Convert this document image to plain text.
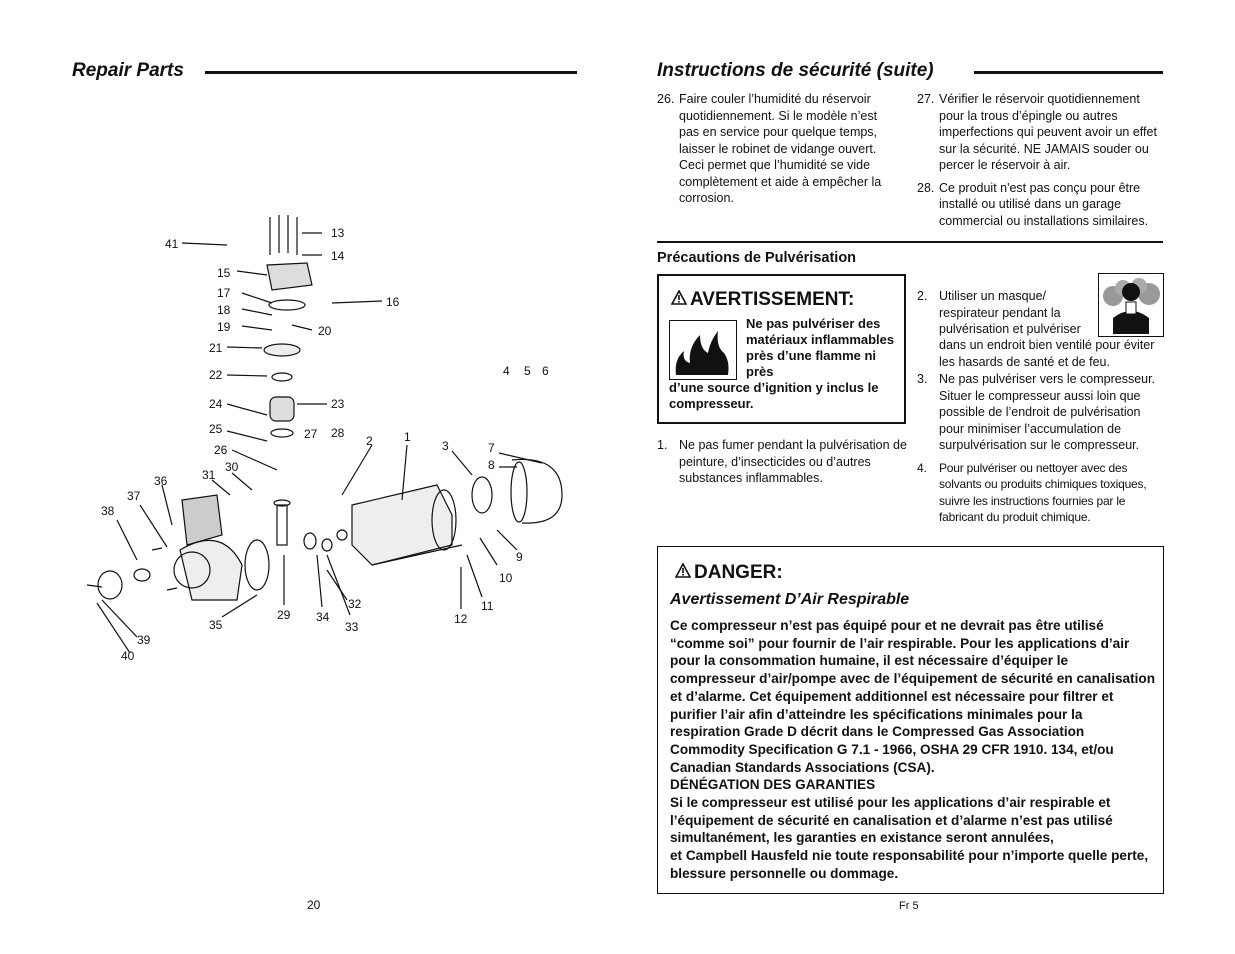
Repair Parts
41
13
14
15
16
17
18
19	20
21
22
23
24
25
26
27 28
30
31
36
37
38
2	1
3
4 5 6
7
8
9
10
11
12
29 34
33
32
35
39
40
20
Instructions de sécurité (suite)
26. Faire couler l’humidité du réservoir quotidiennement. Si le modèle n’est pas en service pour quelque temps, laisser le robinet de vidange ouvert. Ceci permet que l’humidité se vide complètement et aide à empêcher la corrosion.
27. Vérifier le réservoir quotidiennement pour la trous d’épingle ou autres imperfections qui peuvent avoir un effet sur la sécurité. NE JAMAIS souder ou percer le réservoir à air.
28. Ce produit n'est pas conçu pour être installé ou utilisé dans un garage commercial ou installations similaires.
Précautions de Pulvérisation
AVERTISSEMENT:
Ne pas pulvériser des matériaux inflammables près d’une flamme ni près
d’une source d’ignition y inclus le compresseur.
1. Ne pas fumer pendant la pulvérisation de peinture, d’insecticides ou d’autres substances inflammables.
2. Utiliser un masque/ respirateur pendant la pulvérisation et pulvériser
dans un endroit bien ventilé pour éviter les hasards de santé et de feu.
3. Ne pas pulvériser vers le compresseur. Situer le compresseur aussi loin que possible de l’endroit de pulvérisation pour minimiser l’accumulation de surpulvérisation sur le compresseur.
4.	Pour pulvériser ou nettoyer avec des solvants ou produits chimiques toxiques, suivre les instructions fournies par le fabricant du produit chimique.
DANGER:
Avertissement D’Air Respirable
Ce compresseur n’est pas équipé pour et ne devrait pas être utilisé “comme soi” pour fournir de l’air respirable. Pour les applications d’air pour la consommation humaine, il est nécessaire d’équiper le compresseur d’air/pompe avec de l’équipement de sécurité en canalisation et d’alarme. Cet équipement additionnel est nécessaire pour filtrer et purifier l’air afin d’atteindre les spécifications minimales pour la respiration Grade D décrit dans le Compressed Gas Association Commodity Specification G 7.1 - 1966, OSHA 29 CFR 1910. 134, et/ou Canadian Standards Associations (CSA).
DÉNÉGATION DES GARANTIES
Si le compresseur est utilisé pour les applications d’air respirable et l’équipement de sécurité en canalisation et d’alarme n’est pas utilisé simultanément, les garanties en existance seront annulées,
et Campbell Hausfeld nie toute responsabilité pour n’importe quelle perte, blessure personnelle ou dommage.
Fr 5
